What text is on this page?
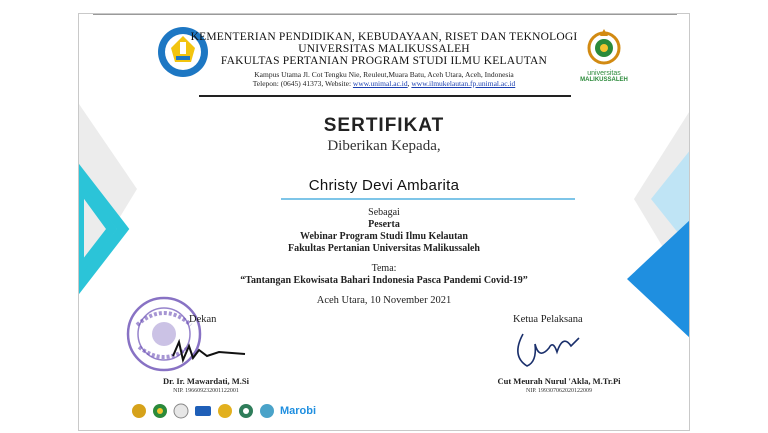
KEMENTERIAN PENDIDIKAN, KEBUDAYAAN, RISET DAN TEKNOLOGI
UNIVERSITAS MALIKUSSALEH
FAKULTAS PERTANIAN PROGRAM STUDI ILMU KELAUTAN
Kampus Utama Jl. Cot Tengku Nie, Reuleut,Muara Batu, Aceh Utara, Aceh, Indonesia
Telepon: (0645) 41373, Website: www.unimal.ac.id, www.ilmukelautan.fp.unimal.ac.id
universitas
MALIKUSSALEH
SERTIFIKAT
Diberikan Kepada,
Christy Devi Ambarita
Sebagai
Peserta
Webinar Program Studi Ilmu Kelautan
Fakultas Pertanian Universitas Malikussaleh
Tema:
“Tantangan Ekowisata Bahari Indonesia Pasca Pandemi Covid-19”
Aceh Utara, 10 November 2021
Dekan
Dr. Ir. Mawardati, M.Si
NIP. 196609232001122001
Ketua Pelaksana
Cut Meurah Nurul 'Akla, M.Tr.Pi
NIP. 199307062020122009
Marobi
